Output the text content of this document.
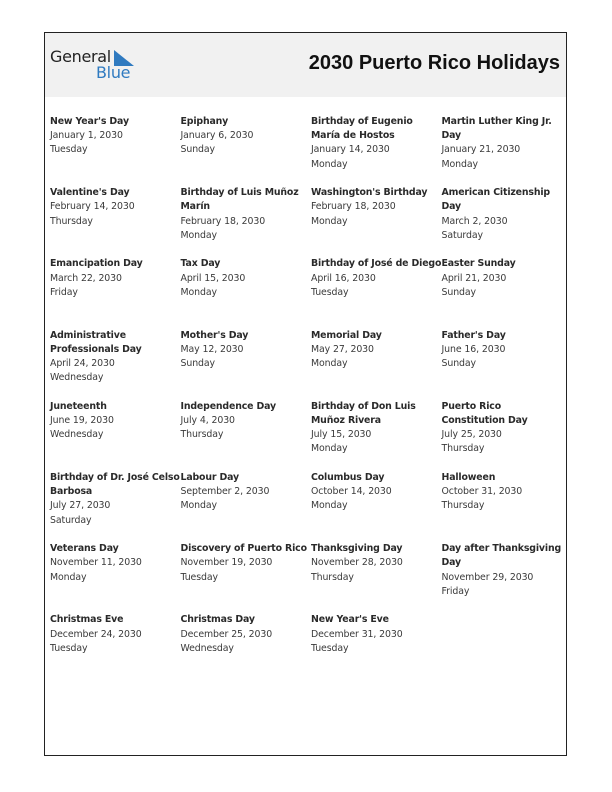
General
Blue	2030 Puerto Rico Holidays
New Year's Day
January 1, 2030
Tuesday
Epiphany
January 6, 2030
Sunday
Birthday of Eugenio María de Hostos
January 14, 2030
Monday
Martin Luther King Jr. Day
January 21, 2030
Monday
Valentine's Day
February 14, 2030
Thursday
Birthday of Luis Muñoz Marín
February 18, 2030
Monday
Washington's Birthday
February 18, 2030
Monday
American Citizenship Day
March 2, 2030
Saturday
Emancipation Day
March 22, 2030
Friday
Tax Day
April 15, 2030
Monday
Birthday of José de Diego
April 16, 2030
Tuesday
Easter Sunday
April 21, 2030
Sunday
Administrative Professionals Day
April 24, 2030
Wednesday
Mother's Day
May 12, 2030
Sunday
Memorial Day
May 27, 2030
Monday
Father's Day
June 16, 2030
Sunday
Juneteenth
June 19, 2030
Wednesday
Independence Day
July 4, 2030
Thursday
Birthday of Don Luis Muñoz Rivera
July 15, 2030
Monday
Puerto Rico Constitution Day
July 25, 2030
Thursday
Birthday of Dr. José Celso Barbosa
July 27, 2030
Saturday
Labour Day
September 2, 2030
Monday
Columbus Day
October 14, 2030
Monday
Halloween
October 31, 2030
Thursday
Veterans Day
November 11, 2030
Monday
Discovery of Puerto Rico
November 19, 2030
Tuesday
Thanksgiving Day
November 28, 2030
Thursday
Day after Thanksgiving Day
November 29, 2030
Friday
Christmas Eve
December 24, 2030
Tuesday
Christmas Day
December 25, 2030
Wednesday
New Year's Eve
December 31, 2030
Tuesday
